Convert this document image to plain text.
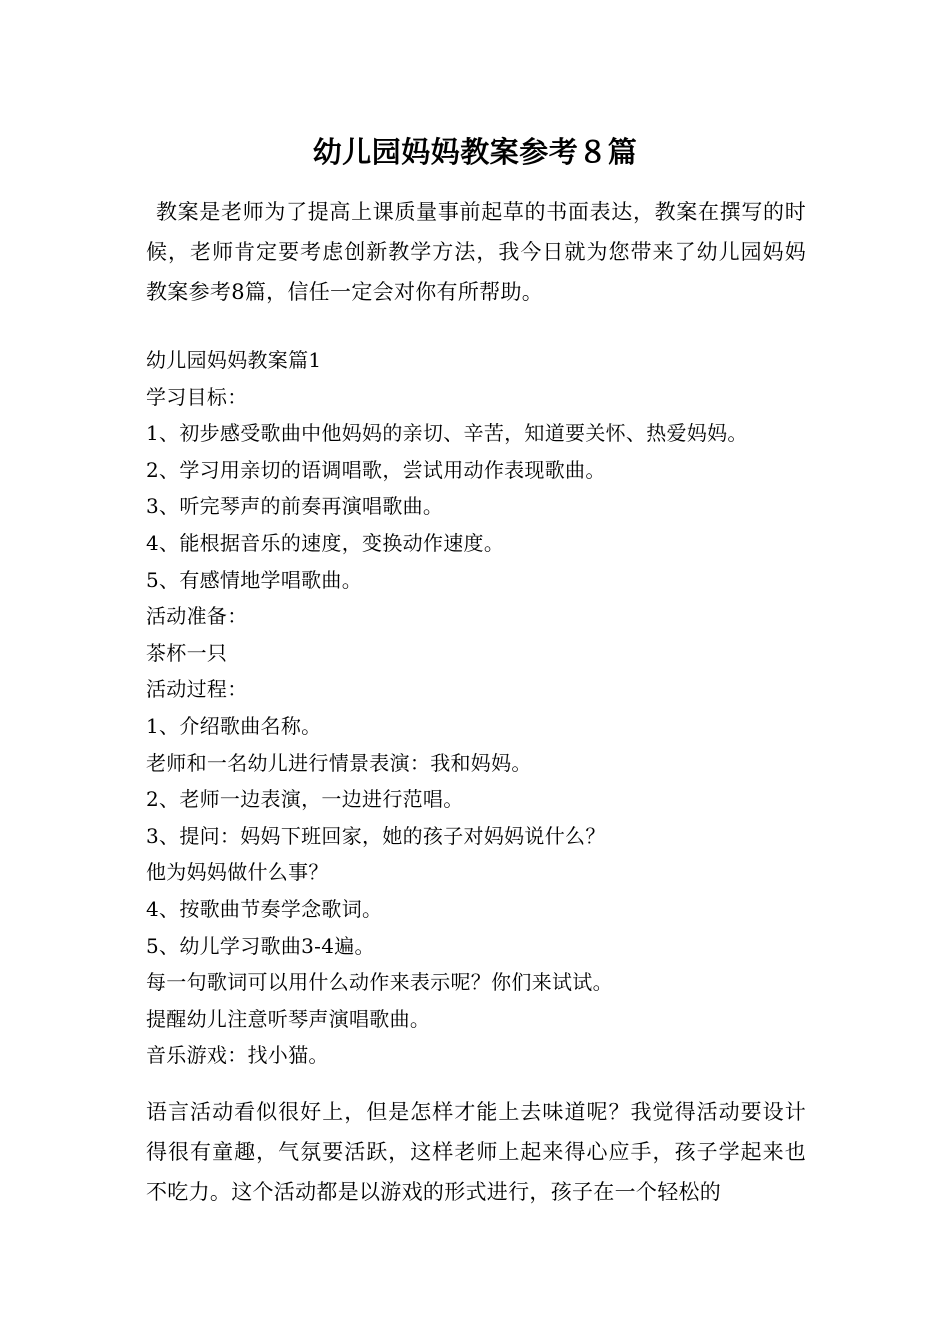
幼儿园妈妈教案参考８篇
教案是老师为了提高上课质量事前起草的书面表达，教案在撰写的时候，老师肯定要考虑创新教学方法，我今日就为您带来了幼儿园妈妈教案参考8篇，信任一定会对你有所帮助。
幼儿园妈妈教案篇1
学习目标：
1、初步感受歌曲中他妈妈的亲切、辛苦，知道要关怀、热爱妈妈。
2、学习用亲切的语调唱歌，尝试用动作表现歌曲。
3、听完琴声的前奏再演唱歌曲。
4、能根据音乐的速度，变换动作速度。
5、有感情地学唱歌曲。
活动准备：
茶杯一只
活动过程：
1、介绍歌曲名称。
老师和一名幼儿进行情景表演：我和妈妈。
2、老师一边表演，一边进行范唱。
3、提问：妈妈下班回家，她的孩子对妈妈说什么？
他为妈妈做什么事？
4、按歌曲节奏学念歌词。
5、幼儿学习歌曲3-4遍。
每一句歌词可以用什么动作来表示呢？你们来试试。
提醒幼儿注意听琴声演唱歌曲。
音乐游戏：找小猫。
语言活动看似很好上，但是怎样才能上去味道呢？我觉得活动要设计得很有童趣，气氛要活跃，这样老师上起来得心应手，孩子学起来也不吃力。这个活动都是以游戏的形式进行，孩子在一个轻松的
